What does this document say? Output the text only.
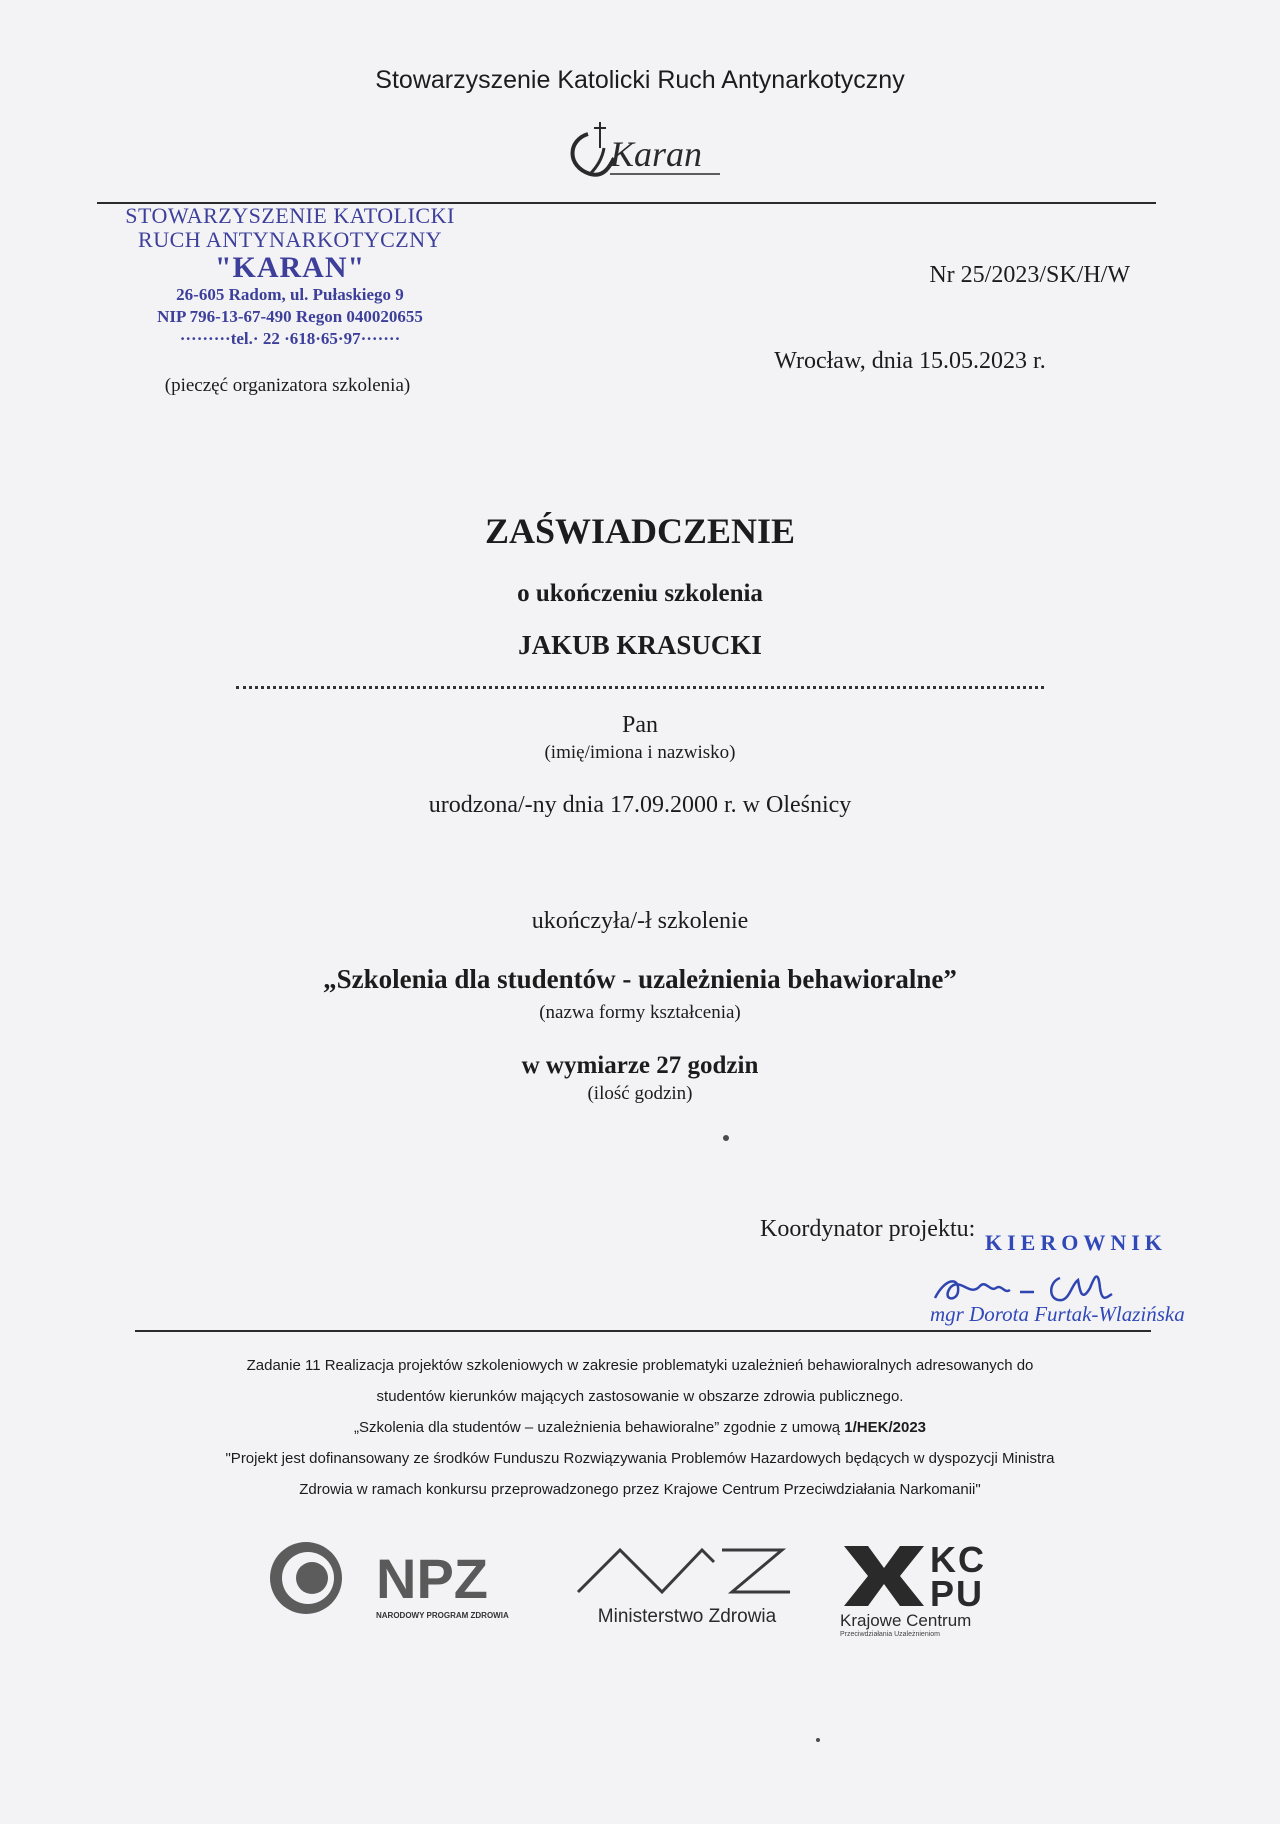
Stowarzyszenie Katolicki Ruch Antynarkotyczny
Karan
STOWARZYSZENIE KATOLICKI
RUCH ANTYNARKOTYCZNY
"KARAN"
26-605 Radom, ul. Pułaskiego 9
NIP 796-13-67-490 Regon 040020655
·········tel.· 22 ·618·65·97·······
Nr 25/2023/SK/H/W
Wrocław, dnia 15.05.2023 r.
(pieczęć organizatora szkolenia)
ZAŚWIADCZENIE
o ukończeniu szkolenia
JAKUB KRASUCKI
Pan
(imię/imiona i nazwisko)
urodzona/-ny dnia 17.09.2000 r. w Oleśnicy
ukończyła/-ł szkolenie
„Szkolenia dla studentów - uzależnienia behawioralne”
(nazwa formy kształcenia)
w wymiarze 27 godzin
(ilość godzin)
Koordynator projektu:
KIEROWNIK
mgr Dorota Furtak-Wlazińska
Zadanie 11 Realizacja projektów szkoleniowych w zakresie problematyki uzależnień behawioralnych adresowanych do
studentów kierunków mających zastosowanie w obszarze zdrowia publicznego.
„Szkolenia dla studentów – uzależnienia behawioralne” zgodnie z umową 1/HEK/2023
"Projekt jest dofinansowany ze środków Funduszu Rozwiązywania Problemów Hazardowych będących w dyspozycji Ministra
Zdrowia w ramach konkursu przeprowadzonego przez Krajowe Centrum Przeciwdziałania Narkomanii"
NPZ
NARODOWY PROGRAM ZDROWIA	Ministerstwo Zdrowia
KC
PU
Krajowe Centrum
Przeciwdziałania Uzależnieniom
